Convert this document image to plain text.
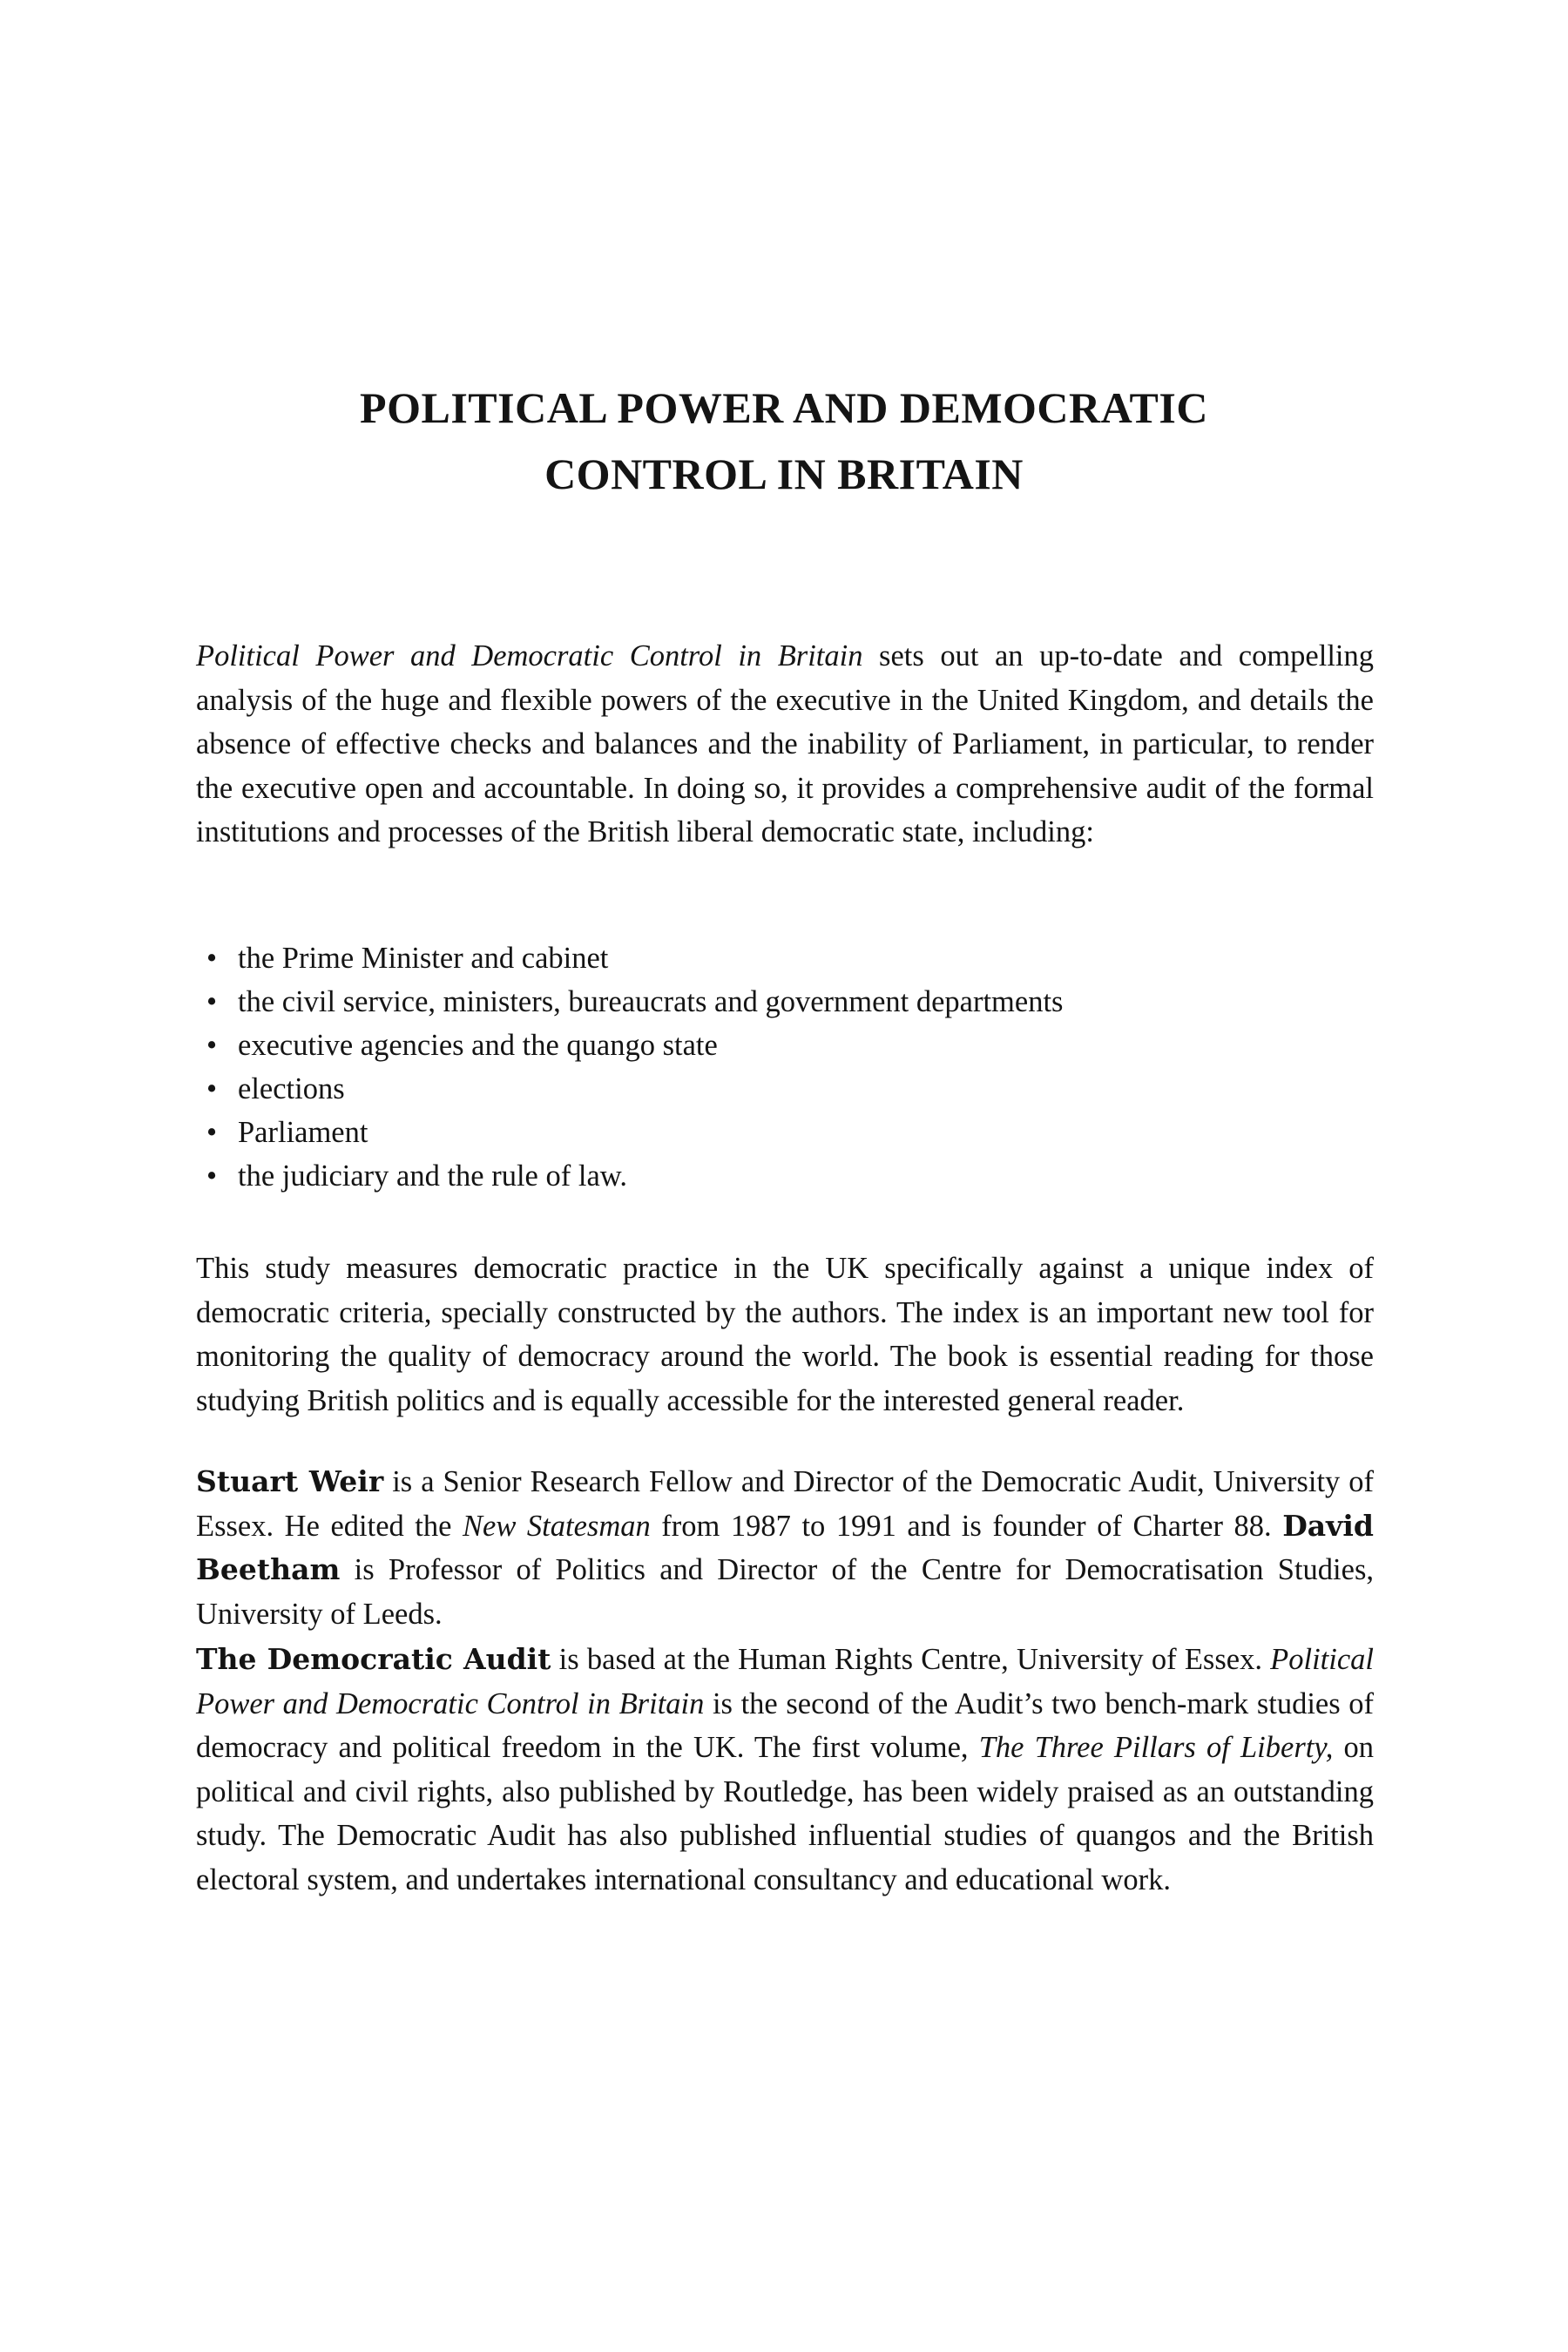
POLITICAL POWER AND DEMOCRATIC
CONTROL IN BRITAIN

Political Power and Democratic Control in Britain sets out an up-to-date and compelling analysis of the huge and flexible powers of the executive in the United Kingdom, and details the absence of effective checks and balances and the inability of Parliament, in particular, to render the executive open and accountable. In doing so, it provides a comprehensive audit of the formal institutions and processes of the British liberal democratic state, including:

• the Prime Minister and cabinet
• the civil service, ministers, bureaucrats and government departments
• executive agencies and the quango state
• elections
• Parliament
• the judiciary and the rule of law.

This study measures democratic practice in the UK specifically against a unique index of democratic criteria, specially constructed by the authors. The index is an important new tool for monitoring the quality of democracy around the world. The book is essential reading for those studying British politics and is equally accessible for the interested general reader.

Stuart Weir is a Senior Research Fellow and Director of the Democratic Audit, University of Essex. He edited the New Statesman from 1987 to 1991 and is founder of Charter 88. David Beetham is Professor of Politics and Director of the Centre for Democratisation Studies, University of Leeds.

The Democratic Audit is based at the Human Rights Centre, University of Essex. Political Power and Democratic Control in Britain is the second of the Audit’s two bench-mark studies of democracy and political freedom in the UK. The first volume, The Three Pillars of Liberty, on political and civil rights, also published by Routledge, has been widely praised as an outstanding study. The Democratic Audit has also published influential studies of quangos and the British electoral system, and undertakes international consultancy and educational work.
